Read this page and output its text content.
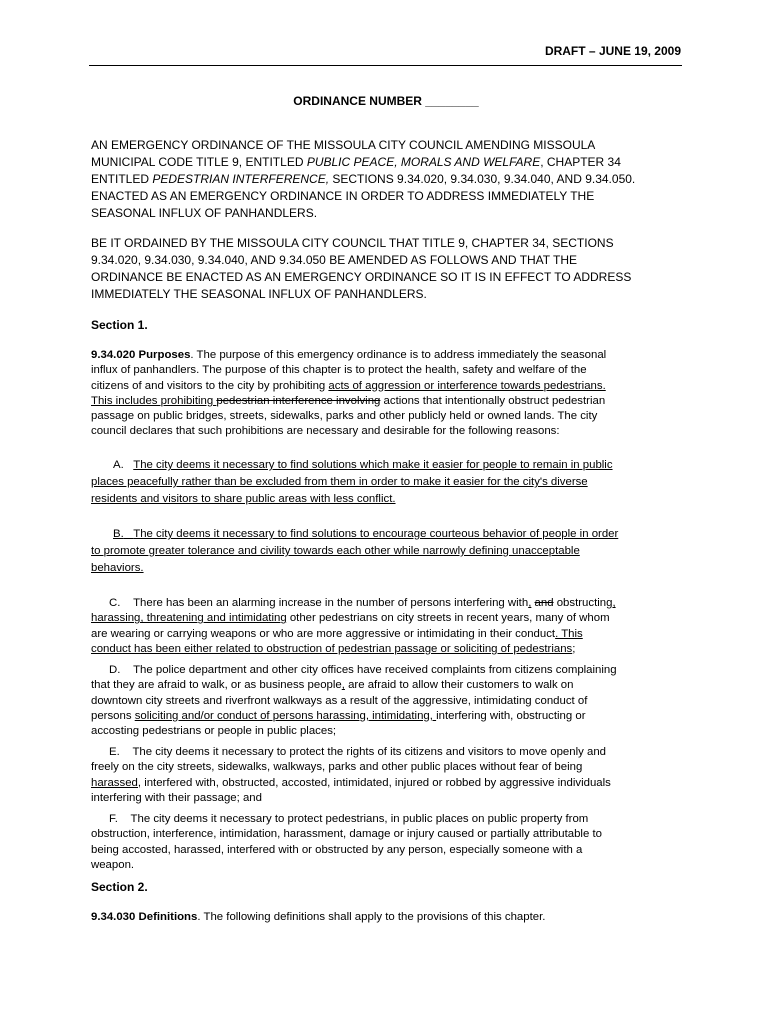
DRAFT – JUNE 19, 2009
ORDINANCE NUMBER ________
AN EMERGENCY ORDINANCE OF THE MISSOULA CITY COUNCIL AMENDING MISSOULA
MUNICIPAL CODE TITLE 9, ENTITLED PUBLIC PEACE, MORALS AND WELFARE, CHAPTER 34
ENTITLED PEDESTRIAN INTERFERENCE, SECTIONS 9.34.020, 9.34.030, 9.34.040, AND 9.34.050.
ENACTED AS AN EMERGENCY ORDINANCE IN ORDER TO ADDRESS IMMEDIATELY THE
SEASONAL INFLUX OF PANHANDLERS.
BE IT ORDAINED BY THE MISSOULA CITY COUNCIL THAT TITLE 9, CHAPTER 34, SECTIONS
9.34.020, 9.34.030, 9.34.040, AND 9.34.050 BE AMENDED AS FOLLOWS AND THAT THE
ORDINANCE BE ENACTED AS AN EMERGENCY ORDINANCE SO IT IS IN EFFECT TO ADDRESS
IMMEDIATELY THE SEASONAL INFLUX OF PANHANDLERS.
Section 1.
9.34.020 Purposes. The purpose of this emergency ordinance is to address immediately the seasonal
influx of panhandlers. The purpose of this chapter is to protect the health, safety and welfare of the
citizens of and visitors to the city by prohibiting acts of aggression or interference towards pedestrians.
This includes prohibiting pedestrian interference involving actions that intentionally obstruct pedestrian
passage on public bridges, streets, sidewalks, parks and other publicly held or owned lands. The city
council declares that such prohibitions are necessary and desirable for the following reasons:
A. The city deems it necessary to find solutions which make it easier for people to remain in public
places peacefully rather than be excluded from them in order to make it easier for the city's diverse
residents and visitors to share public areas with less conflict.
B. The city deems it necessary to find solutions to encourage courteous behavior of people in order
to promote greater tolerance and civility towards each other while narrowly defining unacceptable
behaviors.
C. There has been an alarming increase in the number of persons interfering with, and obstructing,
harassing, threatening and intimidating other pedestrians on city streets in recent years, many of whom
are wearing or carrying weapons or who are more aggressive or intimidating in their conduct. This
conduct has been either related to obstruction of pedestrian passage or soliciting of pedestrians;
D. The police department and other city offices have received complaints from citizens complaining
that they are afraid to walk, or as business people, are afraid to allow their customers to walk on
downtown city streets and riverfront walkways as a result of the aggressive, intimidating conduct of
persons soliciting and/or conduct of persons harassing, intimidating, interfering with, obstructing or
accosting pedestrians or people in public places;
E. The city deems it necessary to protect the rights of its citizens and visitors to move openly and
freely on the city streets, sidewalks, walkways, parks and other public places without fear of being
harassed, interfered with, obstructed, accosted, intimidated, injured or robbed by aggressive individuals
interfering with their passage; and
F. The city deems it necessary to protect pedestrians, in public places on public property from
obstruction, interference, intimidation, harassment, damage or injury caused or partially attributable to
being accosted, harassed, interfered with or obstructed by any person, especially someone with a
weapon.
Section 2.
9.34.030 Definitions. The following definitions shall apply to the provisions of this chapter.
